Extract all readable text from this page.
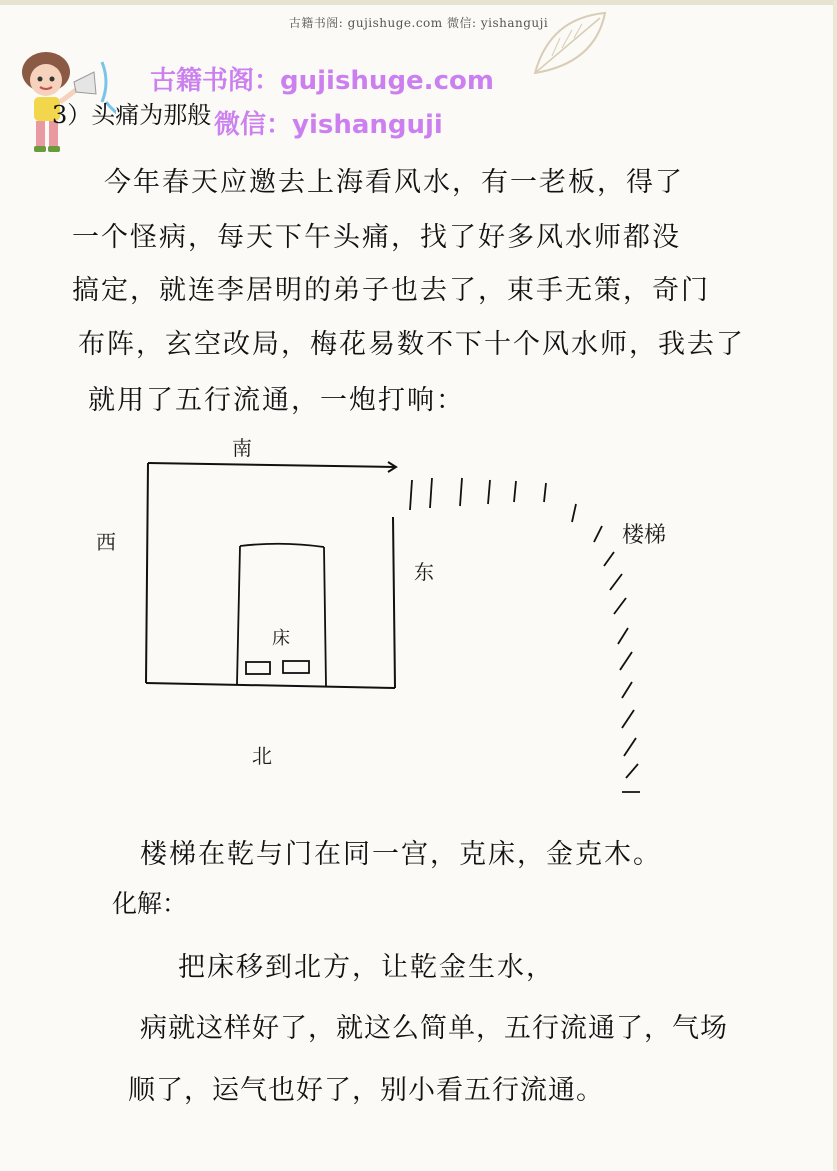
古籍书阁: gujishuge.com 微信: yishanguji
古籍书阁：gujishuge.com
微信：yishanguji
3）头痛为那般
今年春天应邀去上海看风水，有一老板，得了
一个怪病，每天下午头痛，找了好多风水师都没
搞定，就连李居明的弟子也去了，束手无策，奇门
布阵，玄空改局，梅花易数不下十个风水师，我去了
就用了五行流通，一炮打响：
南
西
东
北
床
楼梯
楼梯在乾与门在同一宫，克床，金克木。
化解：
把床移到北方，让乾金生水，
病就这样好了，就这么简单，五行流通了，气场
顺了，运气也好了，别小看五行流通。
